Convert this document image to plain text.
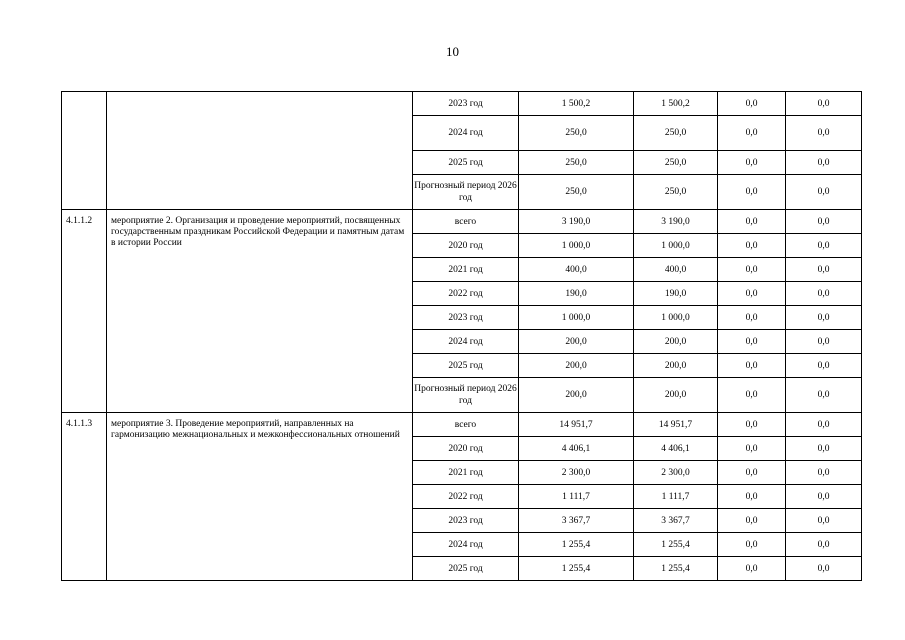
10
		2023 год	1 500,2	1 500,2	0,0	0,0
		2024 год	250,0	250,0	0,0	0,0
		2025 год	250,0	250,0	0,0	0,0
		Прогнозный период 2026 год	250,0	250,0	0,0	0,0
4.1.1.2	мероприятие 2. Организация и проведение мероприятий, посвященных государственным праздникам Российской Федерации и памятным датам в истории России	всего	3 190,0	3 190,0	0,0	0,0
		2020 год	1 000,0	1 000,0	0,0	0,0
		2021 год	400,0	400,0	0,0	0,0
		2022 год	190,0	190,0	0,0	0,0
		2023 год	1 000,0	1 000,0	0,0	0,0
		2024 год	200,0	200,0	0,0	0,0
		2025 год	200,0	200,0	0,0	0,0
		Прогнозный период 2026 год	200,0	200,0	0,0	0,0
4.1.1.3	мероприятие 3. Проведение мероприятий, направленных на гармонизацию межнациональных и межконфессиональных отношений	всего	14 951,7	14 951,7	0,0	0,0
		2020 год	4 406,1	4 406,1	0,0	0,0
		2021 год	2 300,0	2 300,0	0,0	0,0
		2022 год	1 111,7	1 111,7	0,0	0,0
		2023 год	3 367,7	3 367,7	0,0	0,0
		2024 год	1 255,4	1 255,4	0,0	0,0
		2025 год	1 255,4	1 255,4	0,0	0,0
